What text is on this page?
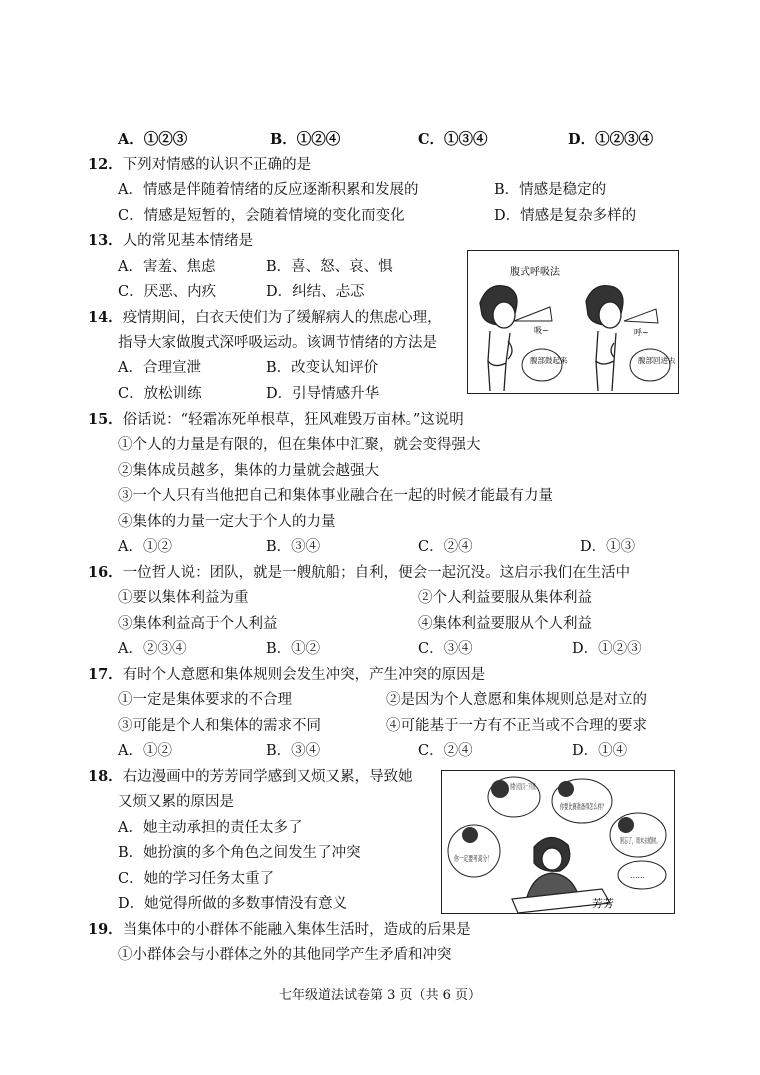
A．①②③	B．①②④	C．①③④	D．①②③④
12．下列对情感的认识不正确的是
A．情感是伴随着情绪的反应逐渐积累和发展的	B．情感是稳定的
C．情感是短暂的，会随着情境的变化而变化	D．情感是复杂多样的
13．人的常见基本情绪是
A．害羞、焦虑	B．喜、怒、哀、惧
C．厌恶、内疚	D．纠结、忐忑
14．疫情期间，白衣天使们为了缓解病人的焦虑心理，
指导大家做腹式深呼吸运动。该调节情绪的方法是
A．合理宣泄	B．改变认知评价
C．放松训练	D．引导情感升华
腹式呼吸法
吸~
腹部鼓起来
呼~
腹部回进去
15．俗话说：“轻霜冻死单根草，狂风难毁万亩林。”这说明
①个人的力量是有限的，但在集体中汇聚，就会变得强大
②集体成员越多，集体的力量就会越强大
③一个人只有当他把自己和集体事业融合在一起的时候才能最有力量
④集体的力量一定大于个人的力量
A．①②	B．③④	C．②④	D．①③
16．一位哲人说：团队，就是一艘航船；自利，便会一起沉没。这启示我们在生活中
①要以集体利益为重	②个人利益要服从集体利益
③集体利益高于个人利益	④集体利益要服从个人利益
A．②③④	B．①②	C．③④	D．①②③
17．有时个人意愿和集体规则会发生冲突，产生冲突的原因是
①一定是集体要求的不合理	②是因为个人意愿和集体规则总是对立的
③可能是个人和集体的需求不同	④可能基于一方有不正当或不合理的要求
A．①②	B．③④	C．②④	D．①④
18．右边漫画中的芳芳同学感到又烦又累，导致她
又烦又累的原因是
A．她主动承担的责任太多了
B．她扮演的多个角色之间发生了冲突
C．她的学习任务太重了
D．她觉得所做的多数事情没有意义
你教小红复习一下功课。
你要比赛准备得怎么样？
别忘了，周末去植树。
你一定要考高分！
……
芳芳
19．当集体中的小群体不能融入集体生活时，造成的后果是
①小群体会与小群体之外的其他同学产生矛盾和冲突
七年级道法试卷第 3 页（共 6 页）
